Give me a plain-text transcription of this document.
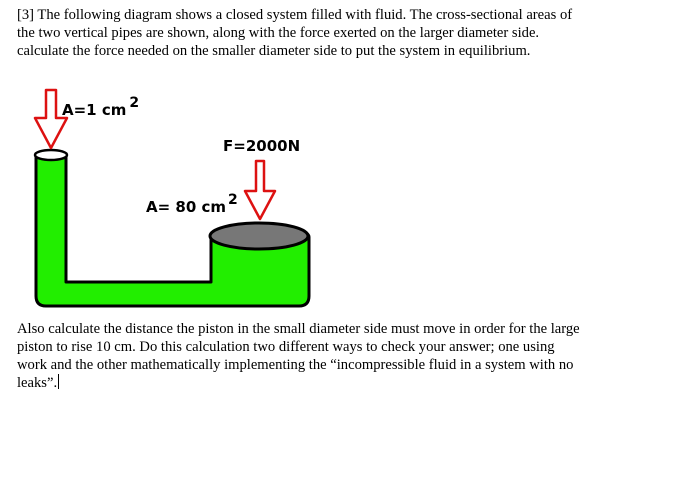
[3] The following diagram shows a closed system filled with fluid. The cross-sectional areas of
the two vertical pipes are shown, along with the force exerted on the larger diameter side.
calculate the force needed on the smaller diameter side to put the system in equilibrium.

A=1 cm 2
F=2000N
A= 80 cm 2

Also calculate the distance the piston in the small diameter side must move in order for the large
piston to rise 10 cm. Do this calculation two different ways to check your answer; one using
work and the other mathematically implementing the “incompressible fluid in a system with no
leaks”.
